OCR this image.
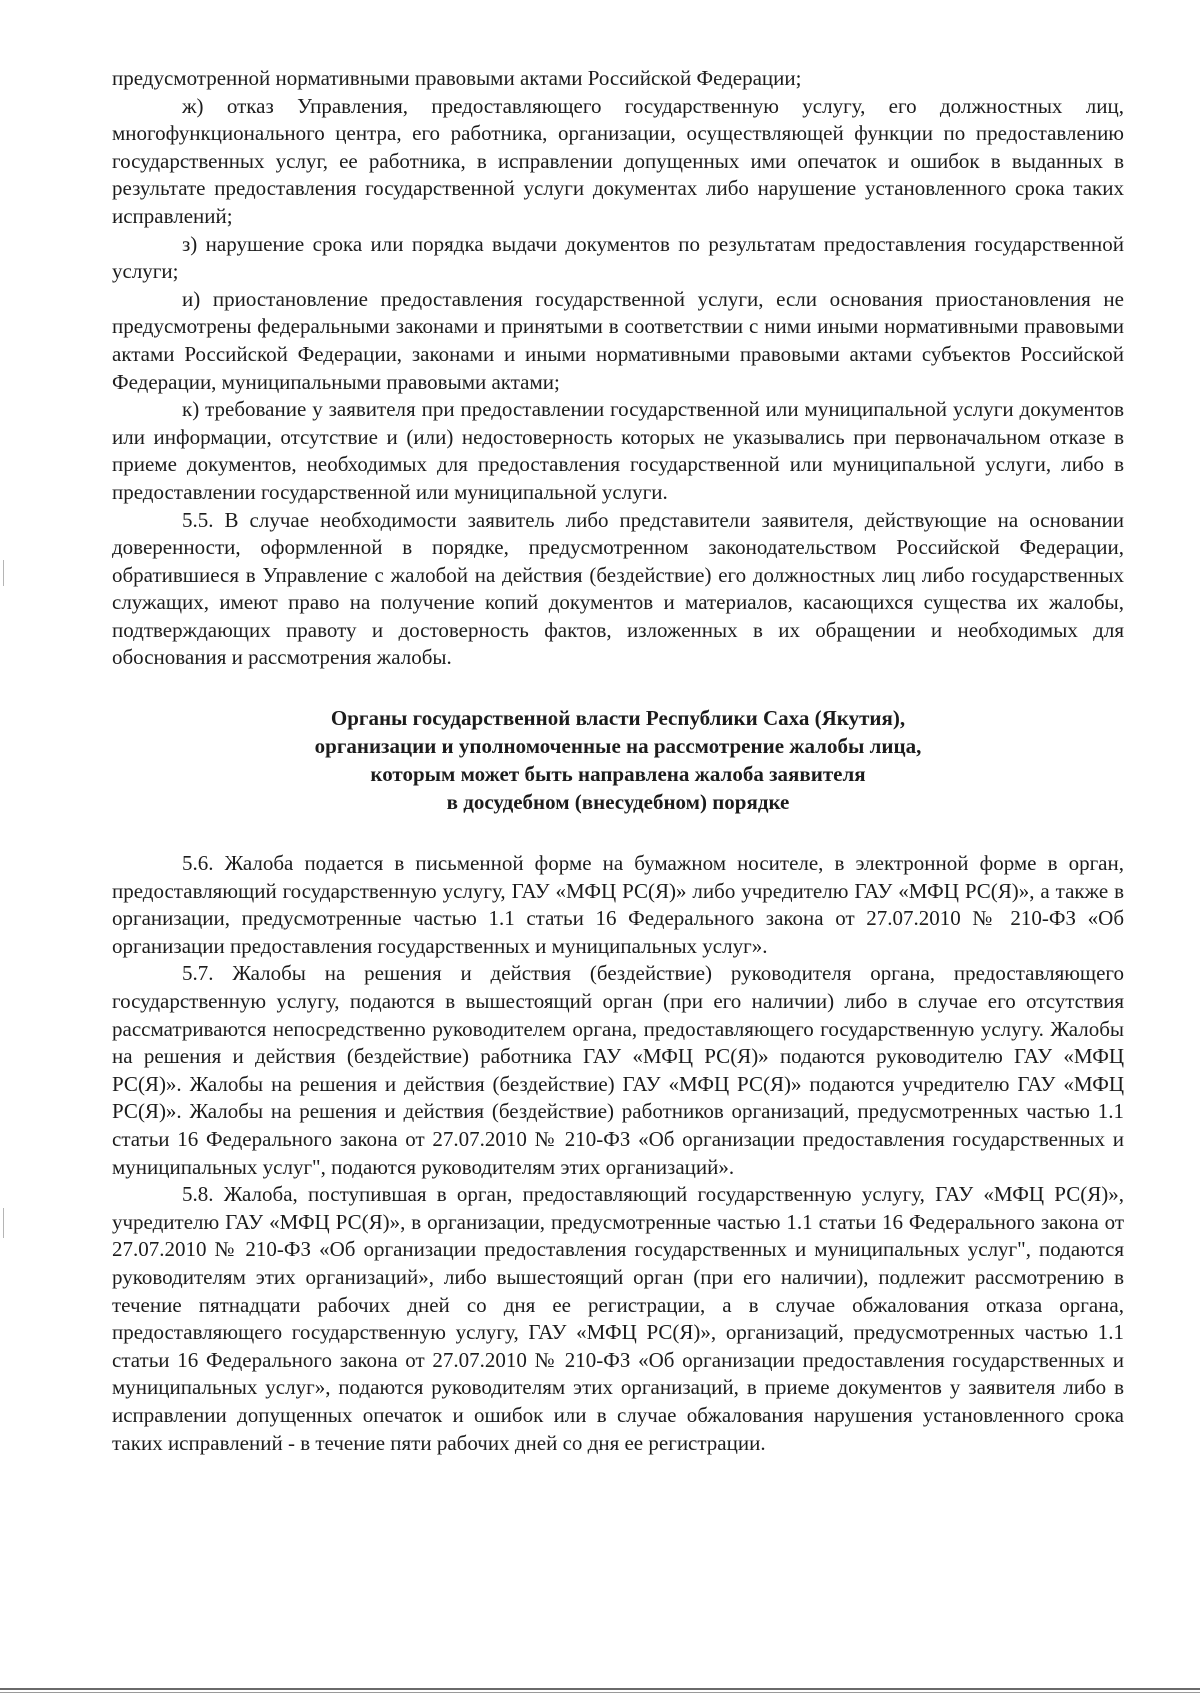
предусмотренной нормативными правовыми актами Российской Федерации;

ж) отказ Управления, предоставляющего государственную услугу, его должностных лиц, многофункционального центра, его работника, организации, осуществляющей функции по предоставлению государственных услуг, ее работника, в исправлении допущенных ими опечаток и ошибок в выданных в результате предоставления государственной услуги документах либо нарушение установленного срока таких исправлений;

з) нарушение срока или порядка выдачи документов по результатам предоставления государственной услуги;

и) приостановление предоставления государственной услуги, если основания приостановления не предусмотрены федеральными законами и принятыми в соответствии с ними иными нормативными правовыми актами Российской Федерации, законами и иными нормативными правовыми актами субъектов Российской Федерации, муниципальными правовыми актами;

к) требование у заявителя при предоставлении государственной или муниципальной услуги документов или информации, отсутствие и (или) недостоверность которых не указывались при первоначальном отказе в приеме документов, необходимых для предоставления государственной или муниципальной услуги, либо в предоставлении государственной или муниципальной услуги.

5.5. В случае необходимости заявитель либо представители заявителя, действующие на основании доверенности, оформленной в порядке, предусмотренном законодательством Российской Федерации, обратившиеся в Управление с жалобой на действия (бездействие) его должностных лиц либо государственных служащих, имеют право на получение копий документов и материалов, касающихся существа их жалобы, подтверждающих правоту и достоверность фактов, изложенных в их обращении и необходимых для обоснования и рассмотрения жалобы.

Органы государственной власти Республики Саха (Якутия),
организации и уполномоченные на рассмотрение жалобы лица,
которым может быть направлена жалоба заявителя
в досудебном (внесудебном) порядке

5.6. Жалоба подается в письменной форме на бумажном носителе, в электронной форме в орган, предоставляющий государственную услугу, ГАУ «МФЦ РС(Я)» либо учредителю ГАУ «МФЦ РС(Я)», а также в организации, предусмотренные частью 1.1 статьи 16 Федерального закона от 27.07.2010 № 210-ФЗ «Об организации предоставления государственных и муниципальных услуг».

5.7. Жалобы на решения и действия (бездействие) руководителя органа, предоставляющего государственную услугу, подаются в вышестоящий орган (при его наличии) либо в случае его отсутствия рассматриваются непосредственно руководителем органа, предоставляющего государственную услугу. Жалобы на решения и действия (бездействие) работника ГАУ «МФЦ РС(Я)» подаются руководителю ГАУ «МФЦ РС(Я)». Жалобы на решения и действия (бездействие) ГАУ «МФЦ РС(Я)» подаются учредителю ГАУ «МФЦ РС(Я)». Жалобы на решения и действия (бездействие) работников организаций, предусмотренных частью 1.1 статьи 16 Федерального закона от 27.07.2010 № 210-ФЗ «Об организации предоставления государственных и муниципальных услуг", подаются руководителям этих организаций».

5.8. Жалоба, поступившая в орган, предоставляющий государственную услугу, ГАУ «МФЦ РС(Я)», учредителю ГАУ «МФЦ РС(Я)», в организации, предусмотренные частью 1.1 статьи 16 Федерального закона от 27.07.2010 № 210-ФЗ «Об организации предоставления государственных и муниципальных услуг", подаются руководителям этих организаций», либо вышестоящий орган (при его наличии), подлежит рассмотрению в течение пятнадцати рабочих дней со дня ее регистрации, а в случае обжалования отказа органа, предоставляющего государственную услугу, ГАУ «МФЦ РС(Я)», организаций, предусмотренных частью 1.1 статьи 16 Федерального закона от 27.07.2010 № 210-ФЗ «Об организации предоставления государственных и муниципальных услуг», подаются руководителям этих организаций, в приеме документов у заявителя либо в исправлении допущенных опечаток и ошибок или в случае обжалования нарушения установленного срока таких исправлений - в течение пяти рабочих дней со дня ее регистрации.
